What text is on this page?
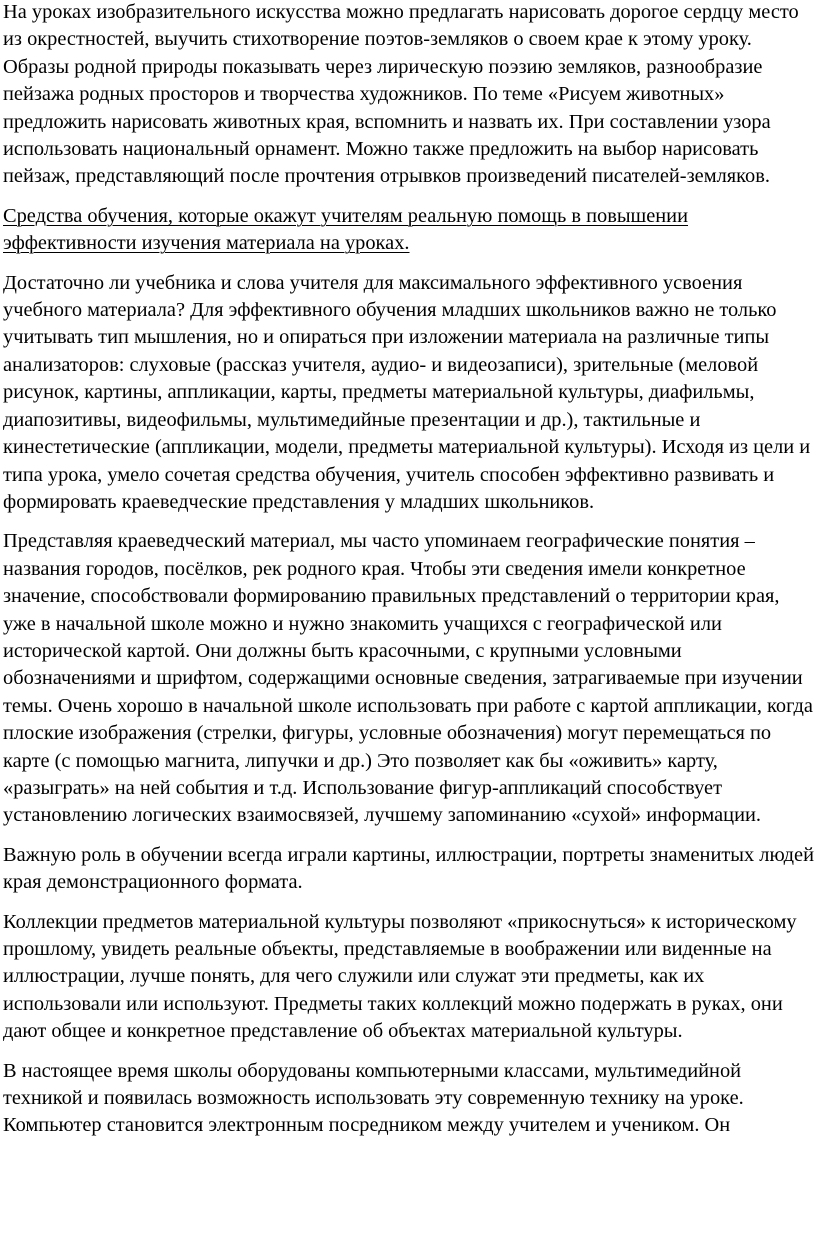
На уроках изобразительного искусства можно предлагать нарисовать дорогое сердцу место из окрестностей, выучить стихотворение поэтов-земляков о своем крае к этому уроку. Образы родной природы показывать через лирическую поэзию земляков, разнообразие пейзажа родных просторов и творчества художников. По теме «Рисуем животных» предложить нарисовать животных края, вспомнить и назвать их. При составлении узора использовать национальный орнамент. Можно также предложить на выбор нарисовать пейзаж, представляющий после прочтения отрывков произведений писателей-земляков.

Средства обучения, которые окажут учителям реальную помощь в повышении эффективности изучения материала на уроках.

Достаточно ли учебника и слова учителя для максимального эффективного усвоения учебного материала? Для эффективного обучения младших школьников важно не только учитывать тип мышления, но и опираться при изложении материала на различные типы анализаторов: слуховые (рассказ учителя, аудио- и видеозаписи), зрительные (меловой рисунок, картины, аппликации, карты, предметы материальной культуры, диафильмы, диапозитивы, видеофильмы, мультимедийные презентации и др.), тактильные и кинестетические (аппликации, модели, предметы материальной культуры). Исходя из цели и типа урока, умело сочетая средства обучения, учитель способен эффективно развивать и формировать краеведческие представления у младших школьников.

Представляя краеведческий материал, мы часто упоминаем географические понятия – названия городов, посёлков, рек родного края. Чтобы эти сведения имели конкретное значение, способствовали формированию правильных представлений о территории края, уже в начальной школе можно и нужно знакомить учащихся с географической или исторической картой. Они должны быть красочными, с крупными условными обозначениями и шрифтом, содержащими основные сведения, затрагиваемые при изучении темы. Очень хорошо в начальной школе использовать при работе с картой аппликации, когда плоские изображения (стрелки, фигуры, условные обозначения) могут перемещаться по карте (с помощью магнита, липучки и др.) Это позволяет как бы «оживить» карту, «разыграть» на ней события и т.д. Использование фигур-аппликаций способствует установлению логических взаимосвязей, лучшему запоминанию «сухой» информации.

Важную роль в обучении всегда играли картины, иллюстрации, портреты знаменитых людей края демонстрационного формата.

Коллекции предметов материальной культуры позволяют «прикоснуться» к историческому прошлому, увидеть реальные объекты, представляемые в воображении или виденные на иллюстрации, лучше понять, для чего служили или служат эти предметы, как их использовали или используют. Предметы таких коллекций можно подержать в руках, они дают общее и конкретное представление об объектах материальной культуры.

В настоящее время школы оборудованы компьютерными классами, мультимедийной техникой и появилась возможность использовать эту современную технику на уроке. Компьютер становится электронным посредником между учителем и учеником. Он
